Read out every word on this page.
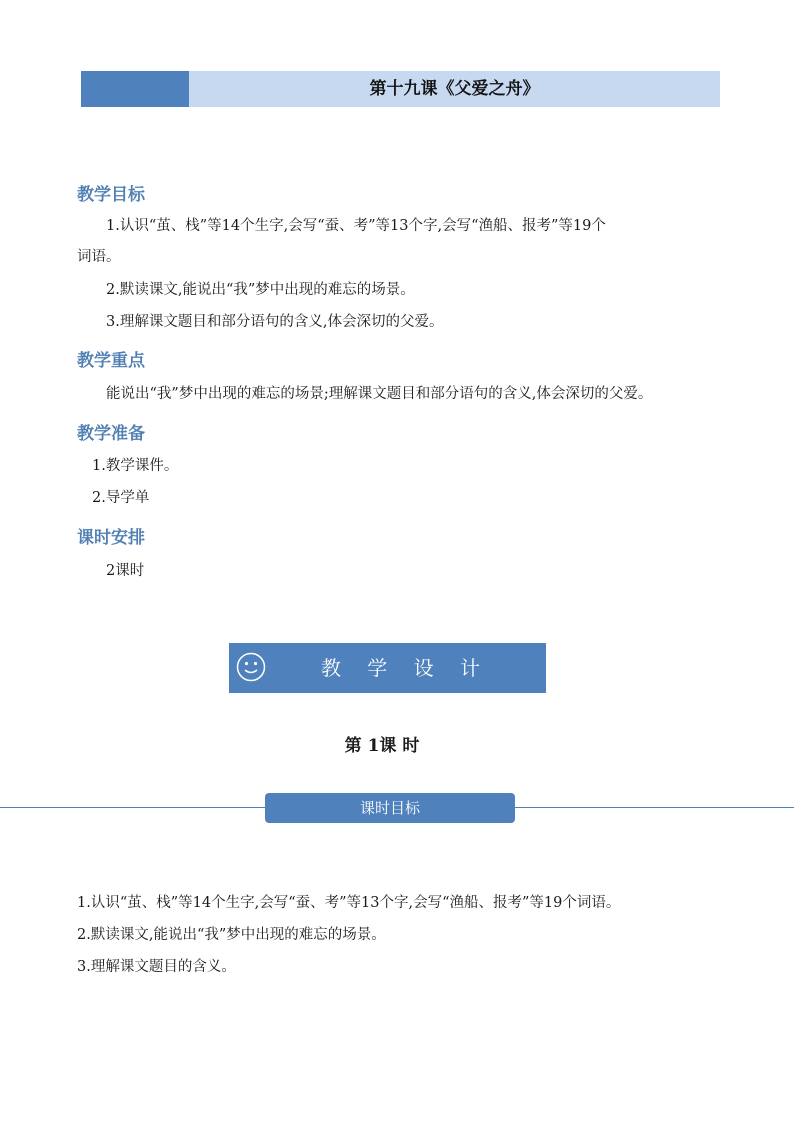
第十九课《父爱之舟》
教学目标
1.认识“茧、栈”等14个生字,会写“蚕、考”等13个字,会写“渔船、报考”等19个
词语。
2.默读课文,能说出“我”梦中出现的难忘的场景。
3.理解课文题目和部分语句的含义,体会深切的父爱。
教学重点
能说出“我”梦中出现的难忘的场景;理解课文题目和部分语句的含义,体会深切的父爱。
教学准备
1.教学课件。
2.导学单
课时安排
2课时
教 学 设 计
第 1课 时
课时目标
1.认识“茧、栈”等14个生字,会写“蚕、考”等13个字,会写“渔船、报考”等19个词语。
2.默读课文,能说出“我”梦中出现的难忘的场景。
3.理解课文题目的含义。
